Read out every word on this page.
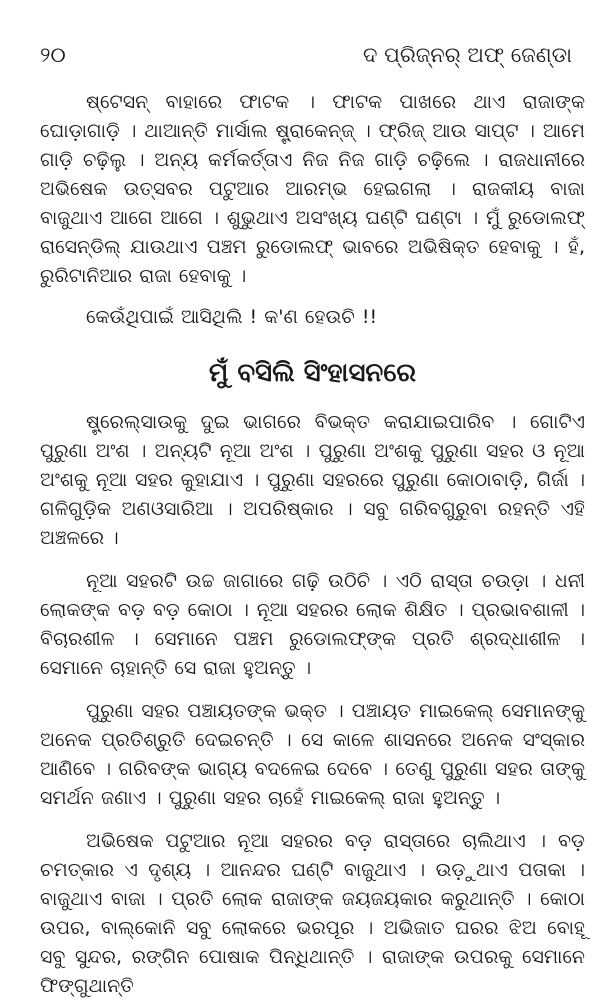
୨୦	ଦ ପ୍ରିଜ୍‌ନର୍ ଅଫ୍ ଜେଣ୍ଡା

ଷ୍ଟେସନ୍ ବାହାରେ ଫାଟକ । ଫାଟକ ପାଖରେ ଥାଏ ରାଜାଙ୍କ ଘୋଡ଼ାଗାଡ଼ି । ଥାଆନ୍ତି ମାର୍ସାଲ ଷ୍ଟ୍ରାକେନ୍ଜ୍ । ଫ୍ରିଜ୍ ଆଉ ସାପ୍ଟ । ଆମେ ଗାଡ଼ି ଚଢ଼ିଲୁ । ଅନ୍ୟ କର୍ମକର୍ତ୍ତାଏ ନିଜ ନିଜ ଗାଡ଼ି ଚଢ଼ିଲେ । ରାଜଧାନୀରେ ଅଭିଷେକ ଉତ୍ସବର ପଟୁଆର ଆରମ୍ଭ ହେଇଗଲା । ରାଜକୀୟ ବାଜା ବାଜୁଥାଏ ଆଗେ ଆଗେ । ଶୁଭୁଥାଏ ଅସଂଖ୍ୟ ଘଣ୍ଟି ଘଣ୍ଟା । ମୁଁ ରୁଡୋଲଫ୍ ରାସେନ୍ଡିଲ୍ ଯାଉଥାଏ ପଞ୍ଚମ ରୁଡୋଲଫ୍ ଭାବରେ ଅଭିଷିକ୍ତ ହେବାକୁ । ହଁ, ରୁରିଟାନିଆର ରାଜା ହେବାକୁ ।

କେଉଁଥିପାଇଁ ଆସିଥିଲି ! କ'ଣ ହେଉଚି !!

ମୁଁ ବସିଲି ସିଂହାସନରେ

ଷ୍ଟ୍ରେଲ୍‌ସାଉକୁ ଦୁଇ ଭାଗରେ ବିଭକ୍ତ କରାଯାଇପାରିବ । ଗୋଟିଏ ପୁରୁଣା ଅଂଶ । ଅନ୍ୟଟି ନୂଆ ଅଂଶ । ପୁରୁଣା ଅଂଶକୁ ପୁରୁଣା ସହର ଓ ନୂଆ ଅଂଶକୁ ନୂଆ ସହର କୁହାଯାଏ । ପୁରୁଣା ସହରରେ ପୁରୁଣା କୋଠାବାଡ଼ି, ଗିର୍ଜା । ଗଳିଗୁଡ଼ିକ ଅଣଓସାରିଆ । ଅପରିଷ୍କାର । ସବୁ ଗରିବଗୁରୁବା ରହନ୍ତି ଏହି ଅଞ୍ଚଳରେ ।

ନୂଆ ସହରଟି ଉଚ୍ଚ ଜାଗାରେ ଗଢ଼ି ଉଠିଚି । ଏଠି ରାସ୍ତା ଚଉଡ଼ା । ଧନୀ ଲୋକଙ୍କ ବଡ଼ ବଡ଼ କୋଠା । ନୂଆ ସହରର ଲୋକ ଶିକ୍ଷିତ । ପ୍ରଭାବଶାଳୀ । ବିଚାରଶୀଳ । ସେମାନେ ପଞ୍ଚମ ରୁଡୋଲଫ୍‌ଙ୍କ ପ୍ରତି ଶ୍ରଦ୍ଧାଶୀଳ । ସେମାନେ ଚାହାନ୍ତି ସେ ରାଜା ହୁଅନ୍ତୁ ।

ପୁରୁଣା ସହର ପଞ୍ଚାୟତଙ୍କ ଭକ୍ତ । ପଞ୍ଚାୟତ ମାଇକେଲ୍ ସେମାନଙ୍କୁ ଅନେକ ପ୍ରତିଶ୍ରୁତି ଦେଇଚନ୍ତି । ସେ କାଳେ ଶାସନରେ ଅନେକ ସଂସ୍କାର ଆଣିବେ । ଗରିବଙ୍କ ଭାଗ୍ୟ ବଦଳେଇ ଦେବେ । ତେଣୁ ପୁରୁଣା ସହର ତାଙ୍କୁ ସମର୍ଥନ ଜଣାଏ । ପୁରୁଣା ସହର ଚାହେଁ ମାଇକେଲ୍ ରାଜା ହୁଅନ୍ତୁ ।

ଅଭିଷେକ ପଟୁଆର ନୂଆ ସହରର ବଡ଼ ରାସ୍ତାରେ ଚାଲିଥାଏ । ବଡ଼ ଚମତ୍କାର ଏ ଦୃଶ୍ୟ । ଆନନ୍ଦର ଘଣ୍ଟି ବାଜୁଥାଏ । ଉଡ଼ୁଥାଏ ପତାକା । ବାଜୁଥାଏ ବାଜା । ପ୍ରତି ଲୋକ ରାଜାଙ୍କ ଜୟଜୟକାର କରୁଥାନ୍ତି । କୋଠା ଉପର, ବାଲ୍‌କୋନି ସବୁ ଲୋକରେ ଭରପୂର । ଅଭିଜାତ ଘରର ଝିଅ ବୋହୂ ସବୁ ସୁନ୍ଦର, ରଙ୍ଗିନ ପୋଷାକ ପିନ୍ଧିଥାନ୍ତି । ରାଜାଙ୍କ ଉପରକୁ ସେମାନେ ଫିଙ୍ଗୁଥାନ୍ତି
